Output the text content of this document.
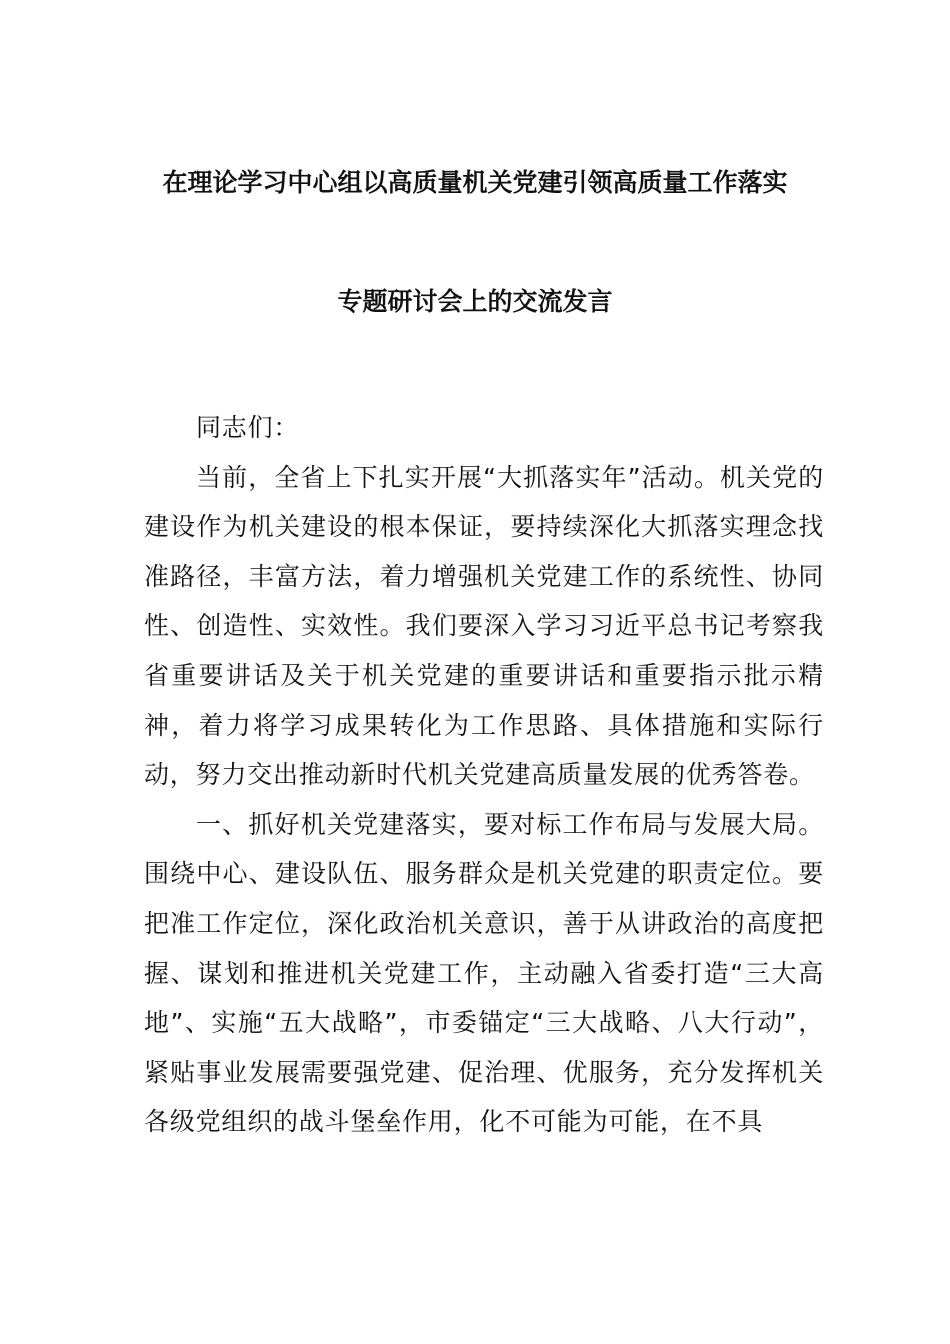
在理论学习中心组以高质量机关党建引领高质量工作落实
专题研讨会上的交流发言

同志们：

当前，全省上下扎实开展“大抓落实年”活动。机关党的建设作为机关建设的根本保证，要持续深化大抓落实理念找准路径，丰富方法，着力增强机关党建工作的系统性、协同性、创造性、实效性。我们要深入学习习近平总书记考察我省重要讲话及关于机关党建的重要讲话和重要指示批示精神，着力将学习成果转化为工作思路、具体措施和实际行动，努力交出推动新时代机关党建高质量发展的优秀答卷。

一、抓好机关党建落实，要对标工作布局与发展大局。围绕中心、建设队伍、服务群众是机关党建的职责定位。要把准工作定位，深化政治机关意识，善于从讲政治的高度把握、谋划和推进机关党建工作，主动融入省委打造“三大高地”、实施“五大战略”，市委锚定“三大战略、八大行动”，紧贴事业发展需要强党建、促治理、优服务，充分发挥机关各级党组织的战斗堡垒作用，化不可能为可能，在不具
